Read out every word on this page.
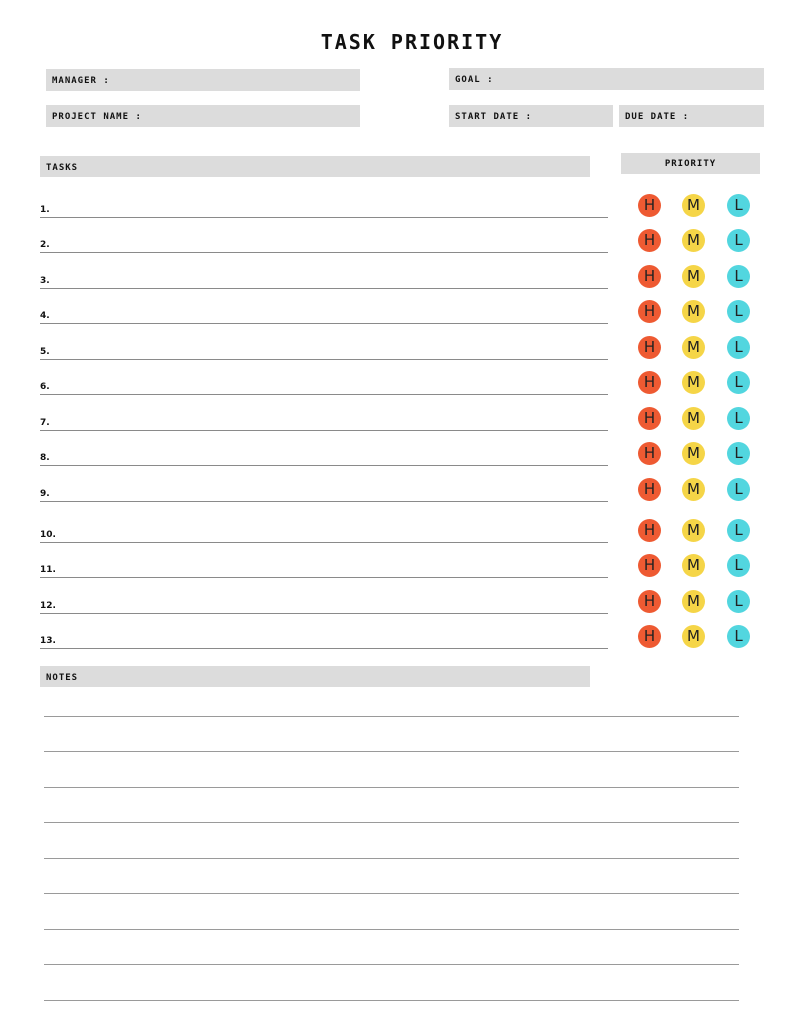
TASK PRIORITY
MANAGER :	GOAL :
PROJECT NAME :	START DATE :	DUE DATE :
TASKS	PRIORITY
1.	H	M	L
2.	H	M	L
3.	H	M	L
4.	H	M	L
5.	H	M	L
6.	H	M	L
7.	H	M	L
8.	H	M	L
9.	H	M	L
10.	H	M	L
11.	H	M	L
12.	H	M	L
13.	H	M	L
NOTES
